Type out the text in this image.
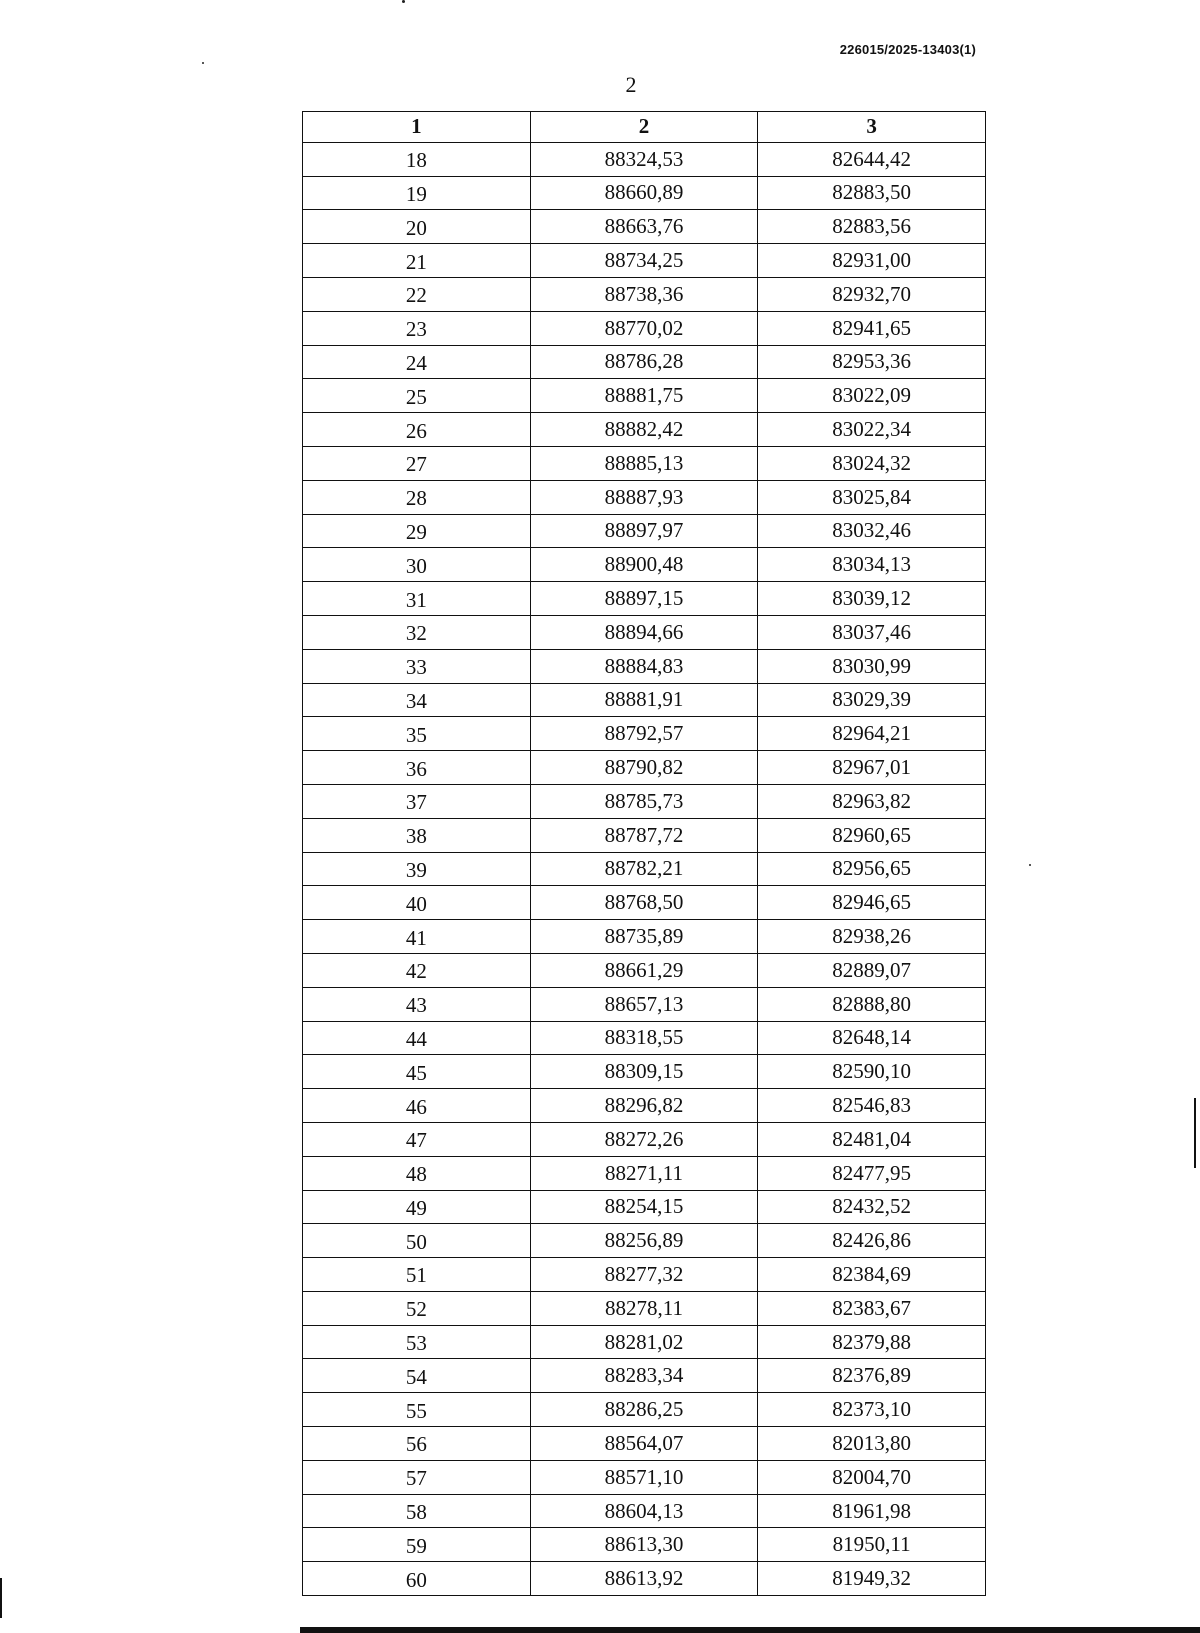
226015/2025-13403(1)
2
1	2	3
18	88324,53	82644,42
19	88660,89	82883,50
20	88663,76	82883,56
21	88734,25	82931,00
22	88738,36	82932,70
23	88770,02	82941,65
24	88786,28	82953,36
25	88881,75	83022,09
26	88882,42	83022,34
27	88885,13	83024,32
28	88887,93	83025,84
29	88897,97	83032,46
30	88900,48	83034,13
31	88897,15	83039,12
32	88894,66	83037,46
33	88884,83	83030,99
34	88881,91	83029,39
35	88792,57	82964,21
36	88790,82	82967,01
37	88785,73	82963,82
38	88787,72	82960,65
39	88782,21	82956,65
40	88768,50	82946,65
41	88735,89	82938,26
42	88661,29	82889,07
43	88657,13	82888,80
44	88318,55	82648,14
45	88309,15	82590,10
46	88296,82	82546,83
47	88272,26	82481,04
48	88271,11	82477,95
49	88254,15	82432,52
50	88256,89	82426,86
51	88277,32	82384,69
52	88278,11	82383,67
53	88281,02	82379,88
54	88283,34	82376,89
55	88286,25	82373,10
56	88564,07	82013,80
57	88571,10	82004,70
58	88604,13	81961,98
59	88613,30	81950,11
60	88613,92	81949,32
